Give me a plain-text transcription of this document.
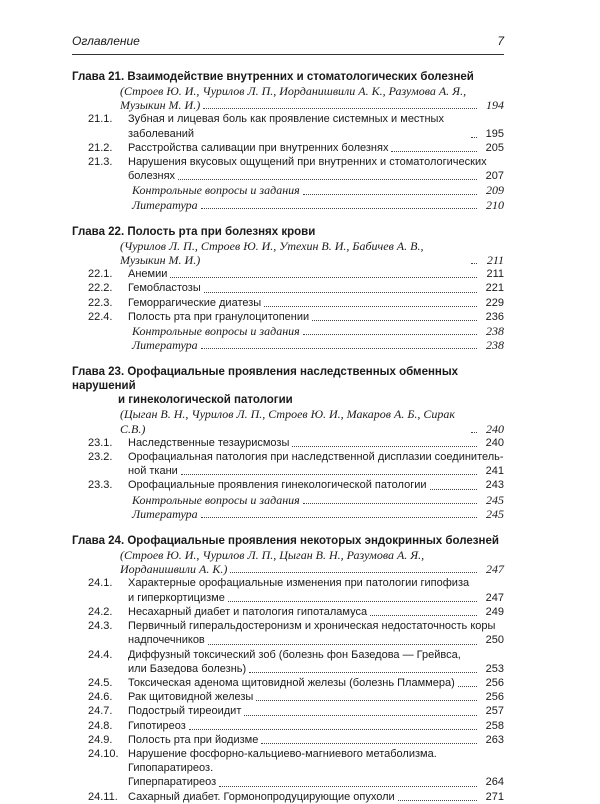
Оглавление	7
Глава 21. Взаимодействие внутренних и стоматологических болезней
(Строев Ю. И., Чурилов Л. П., Иорданишвили А. К., Разумова А. Я.,
Музыкин М. И.)	194
21.1.	Зубная и лицевая боль как проявление системных и местных заболеваний	195
21.2.	Расстройства саливации при внутренних болезнях	205
21.3.	Нарушения вкусовых ощущений при внутренних и стоматологических
болезнях	207
Контрольные вопросы и задания	209
Литература	210
Глава 22. Полость рта при болезнях крови
(Чурилов Л. П., Строев Ю. И., Утехин В. И., Бабичев А. В., Музыкин М. И.)	211
22.1.	Анемии	211
22.2.	Гемобластозы	221
22.3.	Геморрагические диатезы	229
22.4.	Полость рта при гранулоцитопении	236
Контрольные вопросы и задания	238
Литература	238
Глава 23. Орофациальные проявления наследственных обменных нарушений
и гинекологической патологии
(Цыган В. Н., Чурилов Л. П., Строев Ю. И., Макаров А. Б., Сирак С.В.)	240
23.1.	Наследственные тезаурисмозы	240
23.2.	Орофациальная патология при наследственной дисплазии соединитель-
ной ткани	241
23.3.	Орофациальные проявления гинекологической патологии	243
Контрольные вопросы и задания	245
Литература	245
Глава 24. Орофациальные проявления некоторых эндокринных болезней
(Строев Ю. И., Чурилов Л. П., Цыган В. Н., Разумова А. Я.,
Иорданишвили А. К.)	247
24.1.	Характерные орофациальные изменения при патологии гипофиза
и гиперкортицизме	247
24.2.	Несахарный диабет и патология гипоталамуса	249
24.3.	Первичный гиперальдостеронизм и хроническая недостаточность коры
надпочечников	250
24.4.	Диффузный токсический зоб (болезнь фон Базедова — Грейвса,
или Базедова болезнь)	253
24.5.	Токсическая аденома щитовидной железы (болезнь Пламмера)	256
24.6.	Рак щитовидной железы	256
24.7.	Подострый тиреоидит	257
24.8.	Гипотиреоз	258
24.9.	Полость рта при йодизме	263
24.10. Нарушение фосфорно-кальциево-магниевого метаболизма. Гипопаратиреоз.
Гиперпаратиреоз	264
24.11. Сахарный диабет. Гормонопродуцирующие опухоли	271
